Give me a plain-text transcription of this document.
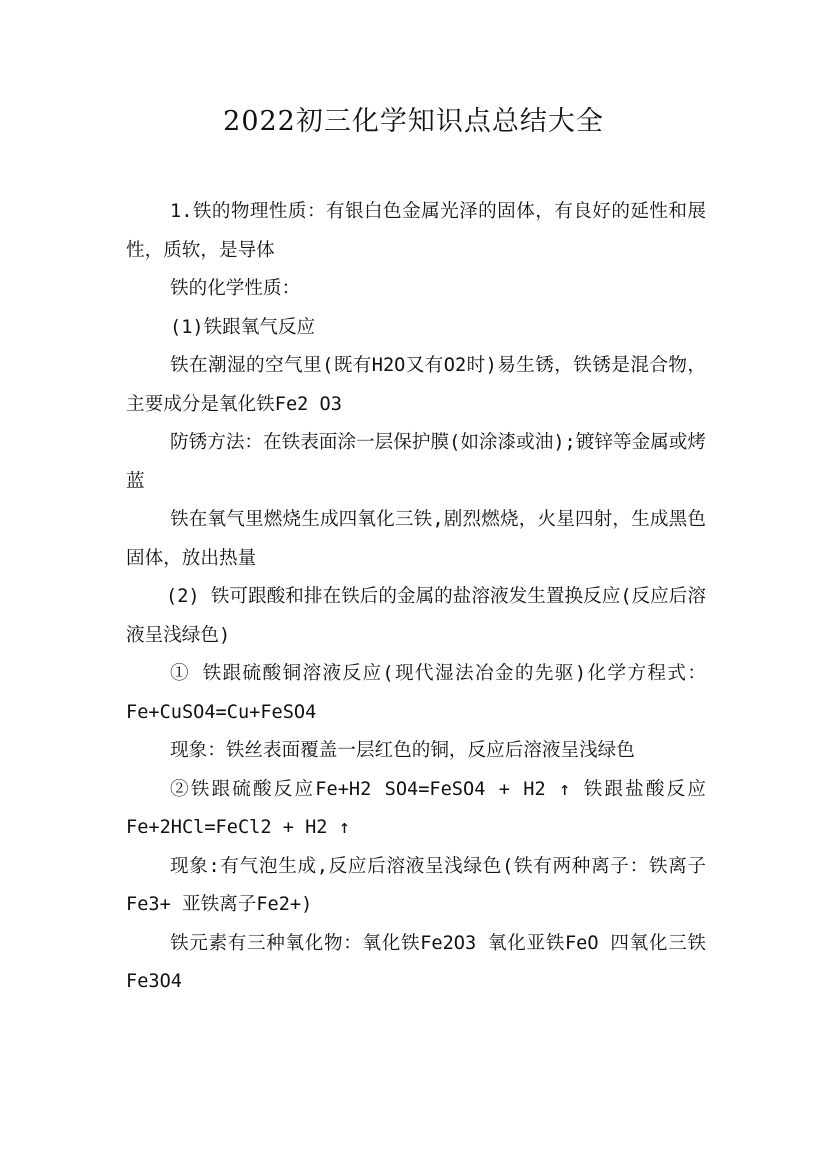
2022初三化学知识点总结大全

1.铁的物理性质：有银白色金属光泽的固体，有良好的延性和展性，质软，是导体

铁的化学性质：

(1)铁跟氧气反应

铁在潮湿的空气里(既有H2O又有O2时)易生锈，铁锈是混合物，主要成分是氧化铁Fe2 O3

防锈方法：在铁表面涂一层保护膜(如涂漆或油);镀锌等金属或烤蓝

铁在氧气里燃烧生成四氧化三铁,剧烈燃烧，火星四射，生成黑色固体，放出热量

(2) 铁可跟酸和排在铁后的金属的盐溶液发生置换反应(反应后溶液呈浅绿色)

① 铁跟硫酸铜溶液反应(现代湿法冶金的先驱)化学方程式：Fe+CuSO4=Cu+FeSO4

现象：铁丝表面覆盖一层红色的铜，反应后溶液呈浅绿色

②铁跟硫酸反应Fe+H2 SO4=FeSO4 + H2 ↑ 铁跟盐酸反应Fe+2HCl=FeCl2 + H2 ↑

现象:有气泡生成,反应后溶液呈浅绿色(铁有两种离子：铁离子Fe3+ 亚铁离子Fe2+)

铁元素有三种氧化物：氧化铁Fe2O3 氧化亚铁FeO 四氧化三铁Fe3O4
